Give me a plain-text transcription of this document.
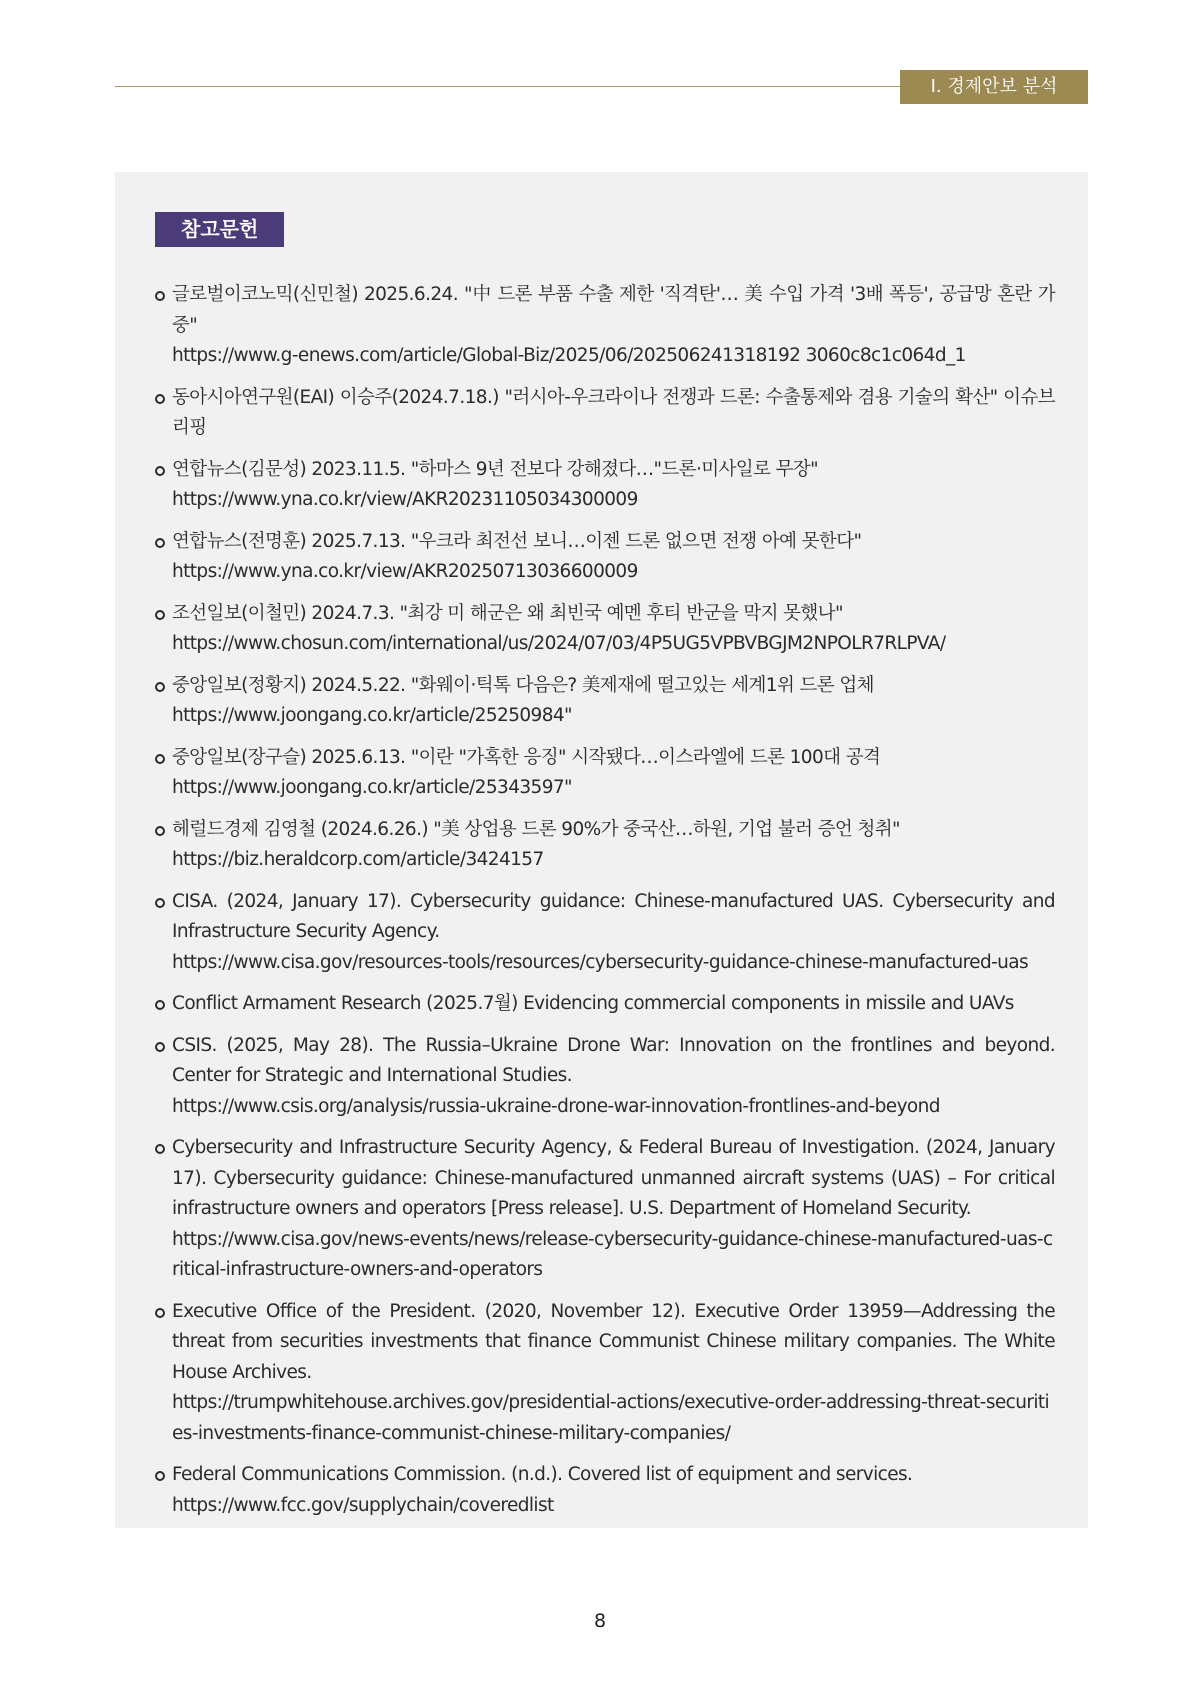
Ⅰ. 경제안보 분석
참고문헌
글로벌이코노믹(신민철) 2025.6.24. "中 드론 부품 수출 제한 '직격탄'… 美 수입 가격 '3배 폭등', 공급망 혼란 가중"
https://www.g-enews.com/article/Global-Biz/2025/06/202506241318192 3060c8c1c064d_1
동아시아연구원(EAI) 이승주(2024.7.18.) "러시아-우크라이나 전쟁과 드론: 수출통제와 겸용 기술의 확산" 이슈브리핑
연합뉴스(김문성) 2023.11.5. "하마스 9년 전보다 강해졌다…"드론·미사일로 무장"
https://www.yna.co.kr/view/AKR20231105034300009
연합뉴스(전명훈) 2025.7.13. "우크라 최전선 보니…이젠 드론 없으면 전쟁 아예 못한다"
https://www.yna.co.kr/view/AKR20250713036600009
조선일보(이철민) 2024.7.3. "최강 미 해군은 왜 최빈국 예멘 후티 반군을 막지 못했나"
https://www.chosun.com/international/us/2024/07/03/4P5UG5VPBVBGJM2NPOLR7RLPVA/
중앙일보(정황지) 2024.5.22. "화웨이·틱톡 다음은? 美제재에 떨고있는 세계1위 드론 업체
https://www.joongang.co.kr/article/25250984"
중앙일보(장구슬) 2025.6.13. "이란 "가혹한 응징" 시작됐다…이스라엘에 드론 100대 공격
https://www.joongang.co.kr/article/25343597"
헤럴드경제 김영철 (2024.6.26.) "美 상업용 드론 90%가 중국산…하원, 기업 불러 증언 청취"
https://biz.heraldcorp.com/article/3424157
CISA. (2024, January 17). Cybersecurity guidance: Chinese-manufactured UAS. Cybersecurity and Infrastructure Security Agency.
https://www.cisa.gov/resources-tools/resources/cybersecurity-guidance-chinese-manufactured-uas
Conflict Armament Research (2025.7월) Evidencing commercial components in missile and UAVs
CSIS. (2025, May 28). The Russia–Ukraine Drone War: Innovation on the frontlines and beyond. Center for Strategic and International Studies.
https://www.csis.org/analysis/russia-ukraine-drone-war-innovation-frontlines-and-beyond
Cybersecurity and Infrastructure Security Agency, & Federal Bureau of Investigation. (2024, January 17). Cybersecurity guidance: Chinese-manufactured unmanned aircraft systems (UAS) – For critical infrastructure owners and operators [Press release]. U.S. Department of Homeland Security.
https://www.cisa.gov/news-events/news/release-cybersecurity-guidance-chinese-manufactured-uas-critical-infrastructure-owners-and-operators
Executive Office of the President. (2020, November 12). Executive Order 13959—Addressing the threat from securities investments that finance Communist Chinese military companies. The White House Archives.
https://trumpwhitehouse.archives.gov/presidential-actions/executive-order-addressing-threat-securities-investments-finance-communist-chinese-military-companies/
Federal Communications Commission. (n.d.). Covered list of equipment and services.
https://www.fcc.gov/supplychain/coveredlist
8
